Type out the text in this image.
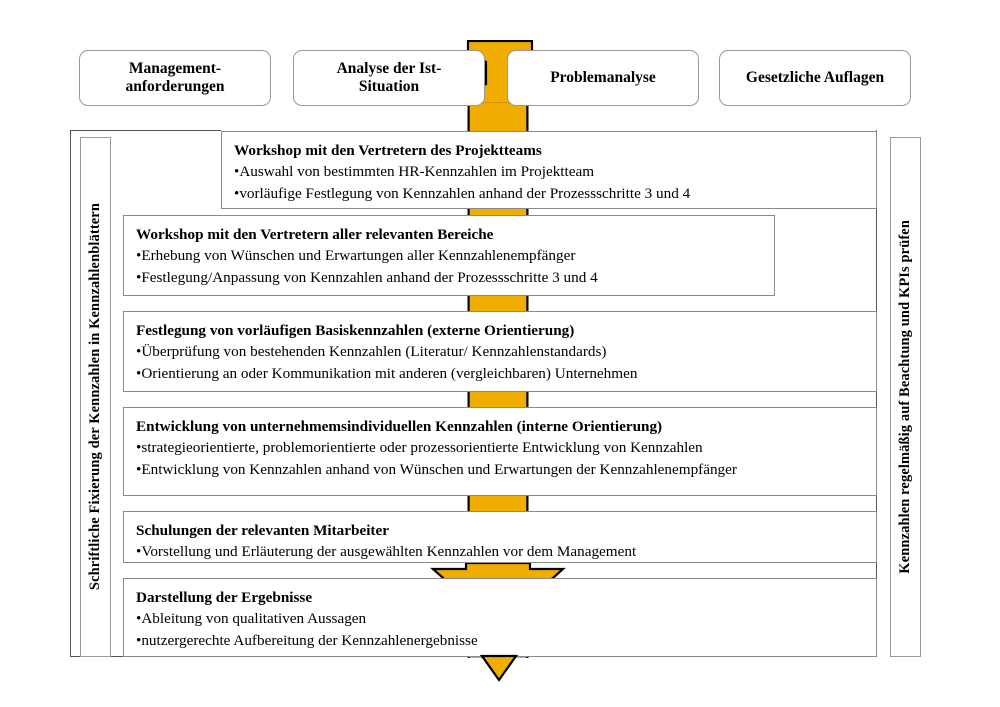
Management-
anforderungen
Analyse der Ist-
Situation
Problemanalyse	Gesetzliche Auflagen
Schriftliche Fixierung der Kennzahlen in Kennzahlenblättern	Kennzahlen regelmäßig auf Beachtung und KPIs prüfen
Workshop mit den Vertretern des Projektteams
•Auswahl von bestimmten HR-Kennzahlen im Projektteam
•vorläufige Festlegung von Kennzahlen anhand der Prozessschritte 3 und 4
Workshop mit den Vertretern aller relevanten Bereiche
•Erhebung von Wünschen und Erwartungen aller Kennzahlenempfänger
•Festlegung/Anpassung von Kennzahlen anhand der Prozessschritte 3 und 4
Festlegung von vorläufigen Basiskennzahlen (externe Orientierung)
•Überprüfung von bestehenden Kennzahlen (Literatur/ Kennzahlenstandards)
•Orientierung an oder Kommunikation mit anderen (vergleichbaren) Unternehmen
Entwicklung von unternehmemsindividuellen Kennzahlen (interne Orientierung)
•strategieorientierte, problemorientierte oder prozessorientierte Entwicklung von Kennzahlen
•Entwicklung von Kennzahlen anhand von Wünschen und Erwartungen der Kennzahlenempfänger
Schulungen der relevanten Mitarbeiter
•Vorstellung und Erläuterung der ausgewählten Kennzahlen vor dem Management
Darstellung der Ergebnisse
•Ableitung von qualitativen Aussagen
•nutzergerechte Aufbereitung der Kennzahlenergebnisse
